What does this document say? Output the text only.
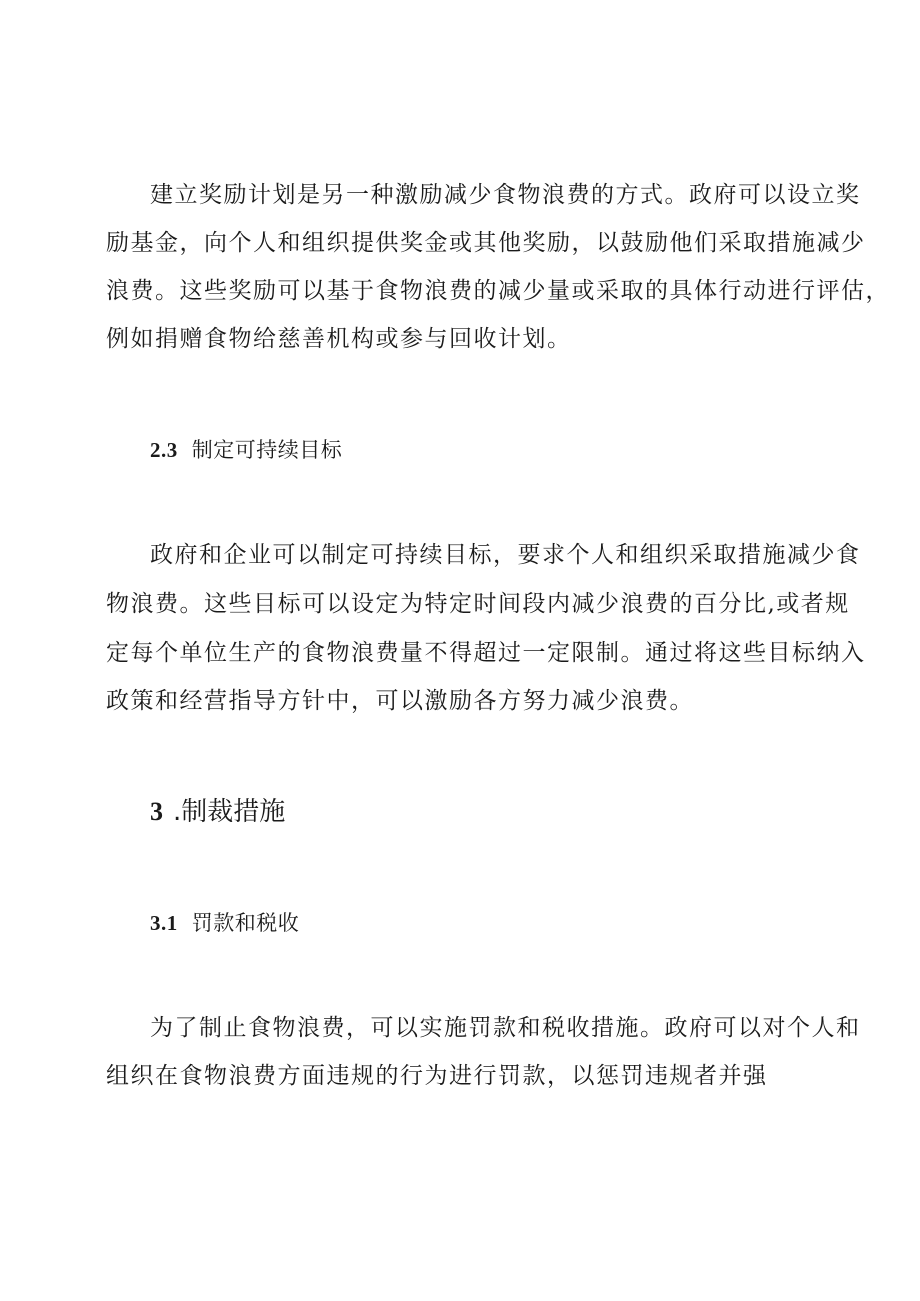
建立奖励计划是另一种激励减少食物浪费的方式。政府可以设立奖
励基金，向个人和组织提供奖金或其他奖励，以鼓励他们采取措施减少
浪费。这些奖励可以基于食物浪费的减少量或采取的具体行动进行评估，
例如捐赠食物给慈善机构或参与回收计划。
2.3 制定可持续目标
政府和企业可以制定可持续目标，要求个人和组织采取措施减少食
物浪费。这些目标可以设定为特定时间段内减少浪费的百分比,或者规
定每个单位生产的食物浪费量不得超过一定限制。通过将这些目标纳入
政策和经营指导方针中，可以激励各方努力减少浪费。
3 .制裁措施
3.1 罚款和税收
为了制止食物浪费，可以实施罚款和税收措施。政府可以对个人和
组织在食物浪费方面违规的行为进行罚款，以惩罚违规者并强
